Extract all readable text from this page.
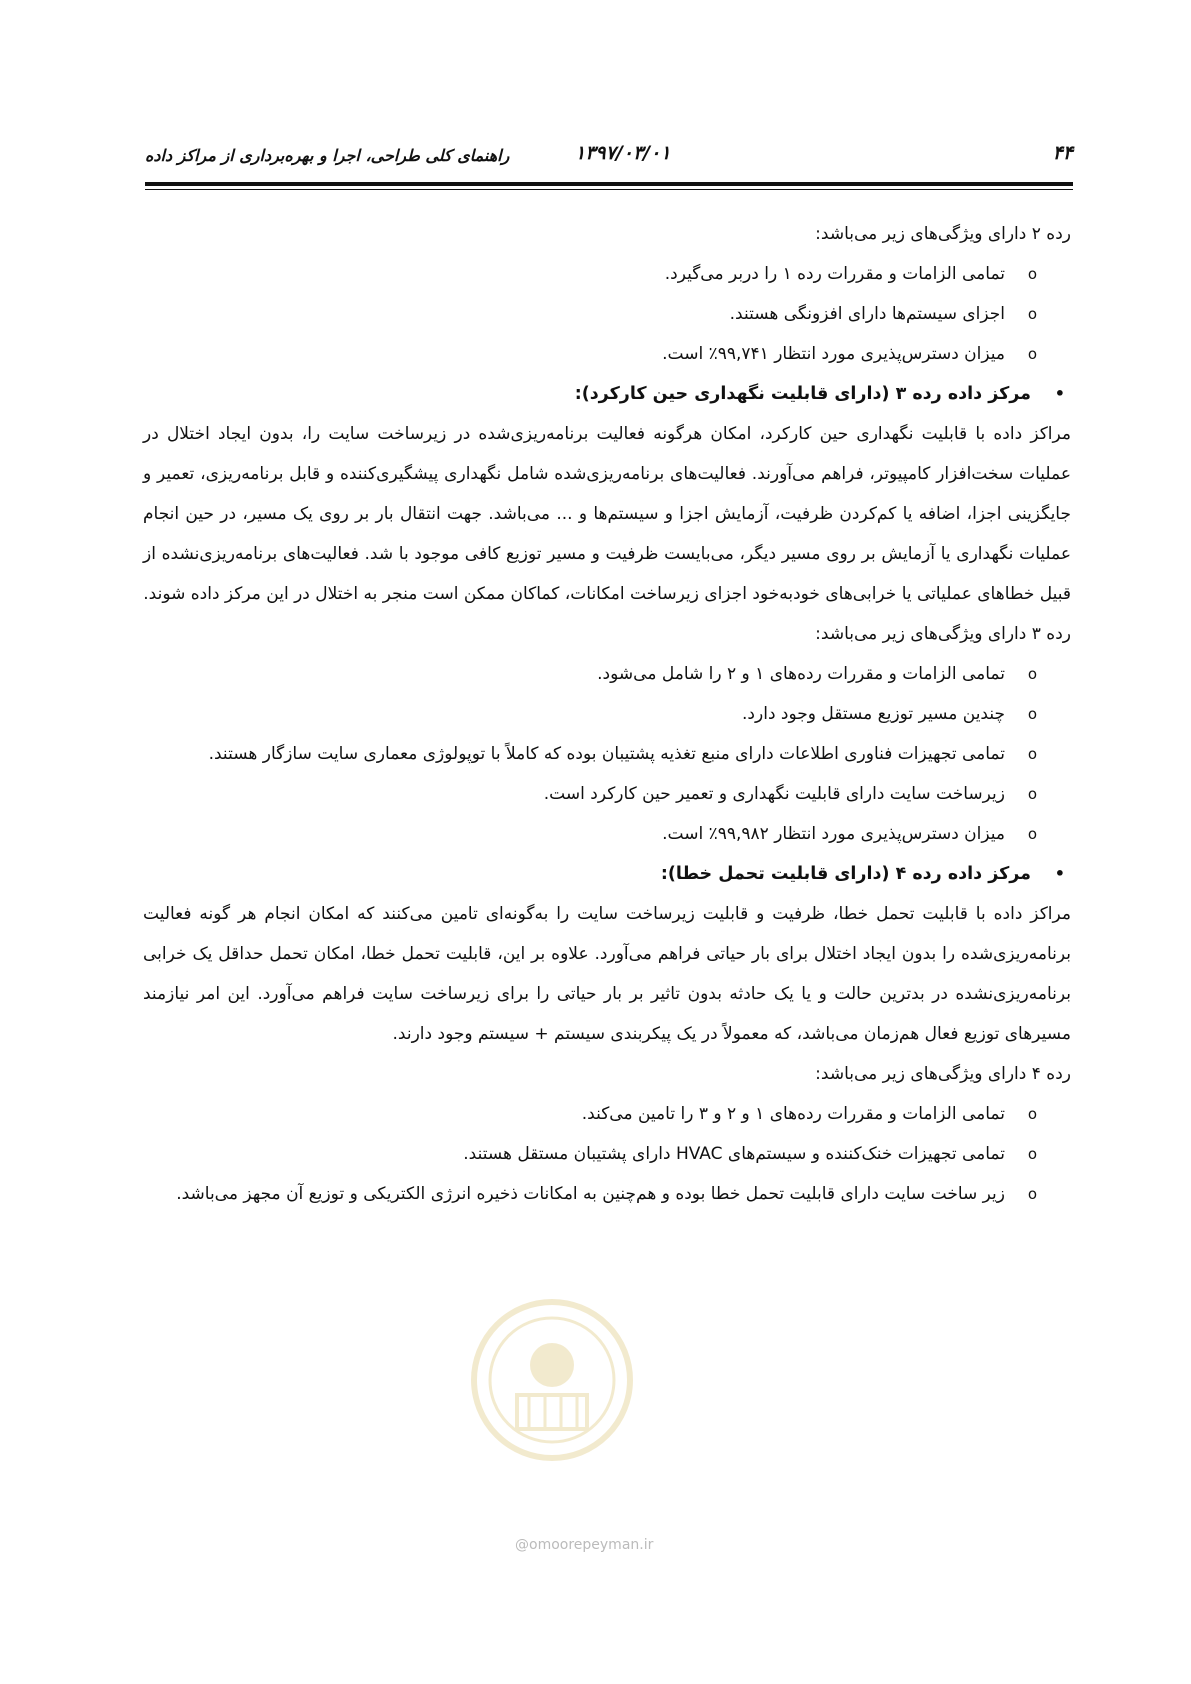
۴۴
۱۳۹۷/۰۳/۰۱
راهنمای کلی طراحی، اجرا و بهره‌برداری از مراکز داده

رده ۲ دارای ویژگی‌های زیر می‌باشد:

o
تمامی الزامات و مقررات رده ۱ را دربر می‌گیرد.

o
اجزای سیستم‌ها دارای افزونگی هستند.

o
میزان دسترس‌پذیری مورد انتظار ۹۹,۷۴۱٪ است.

•
مرکز داده رده ۳ (دارای قابلیت نگهداری حین کارکرد):

مراکز داده با قابلیت نگهداری حین کارکرد، امکان هرگونه فعالیت برنامه‌ریزی‌شده در زیرساخت سایت را، بدون ایجاد اختلال در عملیات سخت‌افزار کامپیوتر، فراهم می‌آورند. فعالیت‌های برنامه‌ریزی‌شده شامل نگهداری پیشگیری‌کننده و قابل برنامه‌ریزی، تعمیر و جایگزینی اجزا، اضافه یا کم‌کردن ظرفیت، آزمایش اجزا و سیستم‌ها و ... می‌باشد. جهت انتقال بار بر روی یک مسیر، در حین انجام عملیات نگهداری یا آزمایش بر روی مسیر دیگر، می‌بایست ظرفیت و مسیر توزیع کافی موجود با شد. فعالیت‌های برنامه‌ریزی‌نشده از قبیل خطاهای عملیاتی یا خرابی‌های خودبه‌خود اجزای زیرساخت امکانات، کماکان ممکن است منجر به اختلال در این مرکز داده شوند.

رده ۳ دارای ویژگی‌های زیر می‌باشد:

o
تمامی الزامات و مقررات رده‌های ۱ و ۲ را شامل می‌شود.

o
چندین مسیر توزیع مستقل وجود دارد.

o
تمامی تجهیزات فناوری اطلاعات دارای منبع تغذیه پشتیبان بوده که کاملاً با توپولوژی معماری سایت سازگار هستند.

o
زیرساخت سایت دارای قابلیت نگهداری و تعمیر حین کارکرد است.

o
میزان دسترس‌پذیری مورد انتظار ۹۹,۹۸۲٪ است.

•
مرکز داده رده ۴ (دارای قابلیت تحمل خطا):

مراکز داده با قابلیت تحمل خطا، ظرفیت و قابلیت زیرساخت سایت را به‌گونه‌ای تامین می‌کنند که امکان انجام هر گونه فعالیت برنامه‌ریزی‌شده را بدون ایجاد اختلال برای بار حیاتی فراهم می‌آورد. علاوه بر این، قابلیت تحمل خطا، امکان تحمل حداقل یک خرابی برنامه‌ریزی‌نشده در بدترین حالت و یا یک حادثه بدون تاثیر بر بار حیاتی را برای زیرساخت سایت فراهم می‌آورد. این امر نیازمند مسیرهای توزیع فعال هم‌زمان می‌باشد، که معمولاً در یک پیکربندی سیستم + سیستم وجود دارند.

رده ۴ دارای ویژگی‌های زیر می‌باشد:

o
تمامی الزامات و مقررات رده‌های ۱ و ۲ و ۳ را تامین می‌کند.

o
تمامی تجهیزات خنک‌کننده و سیستم‌های HVAC دارای پشتیبان مستقل هستند.

o
زیر ساخت سایت دارای قابلیت تحمل خطا بوده و هم‌چنین به امکانات ذخیره انرژی الکتریکی و توزیع آن مجهز می‌باشد.

@omoorepeyman.ir
